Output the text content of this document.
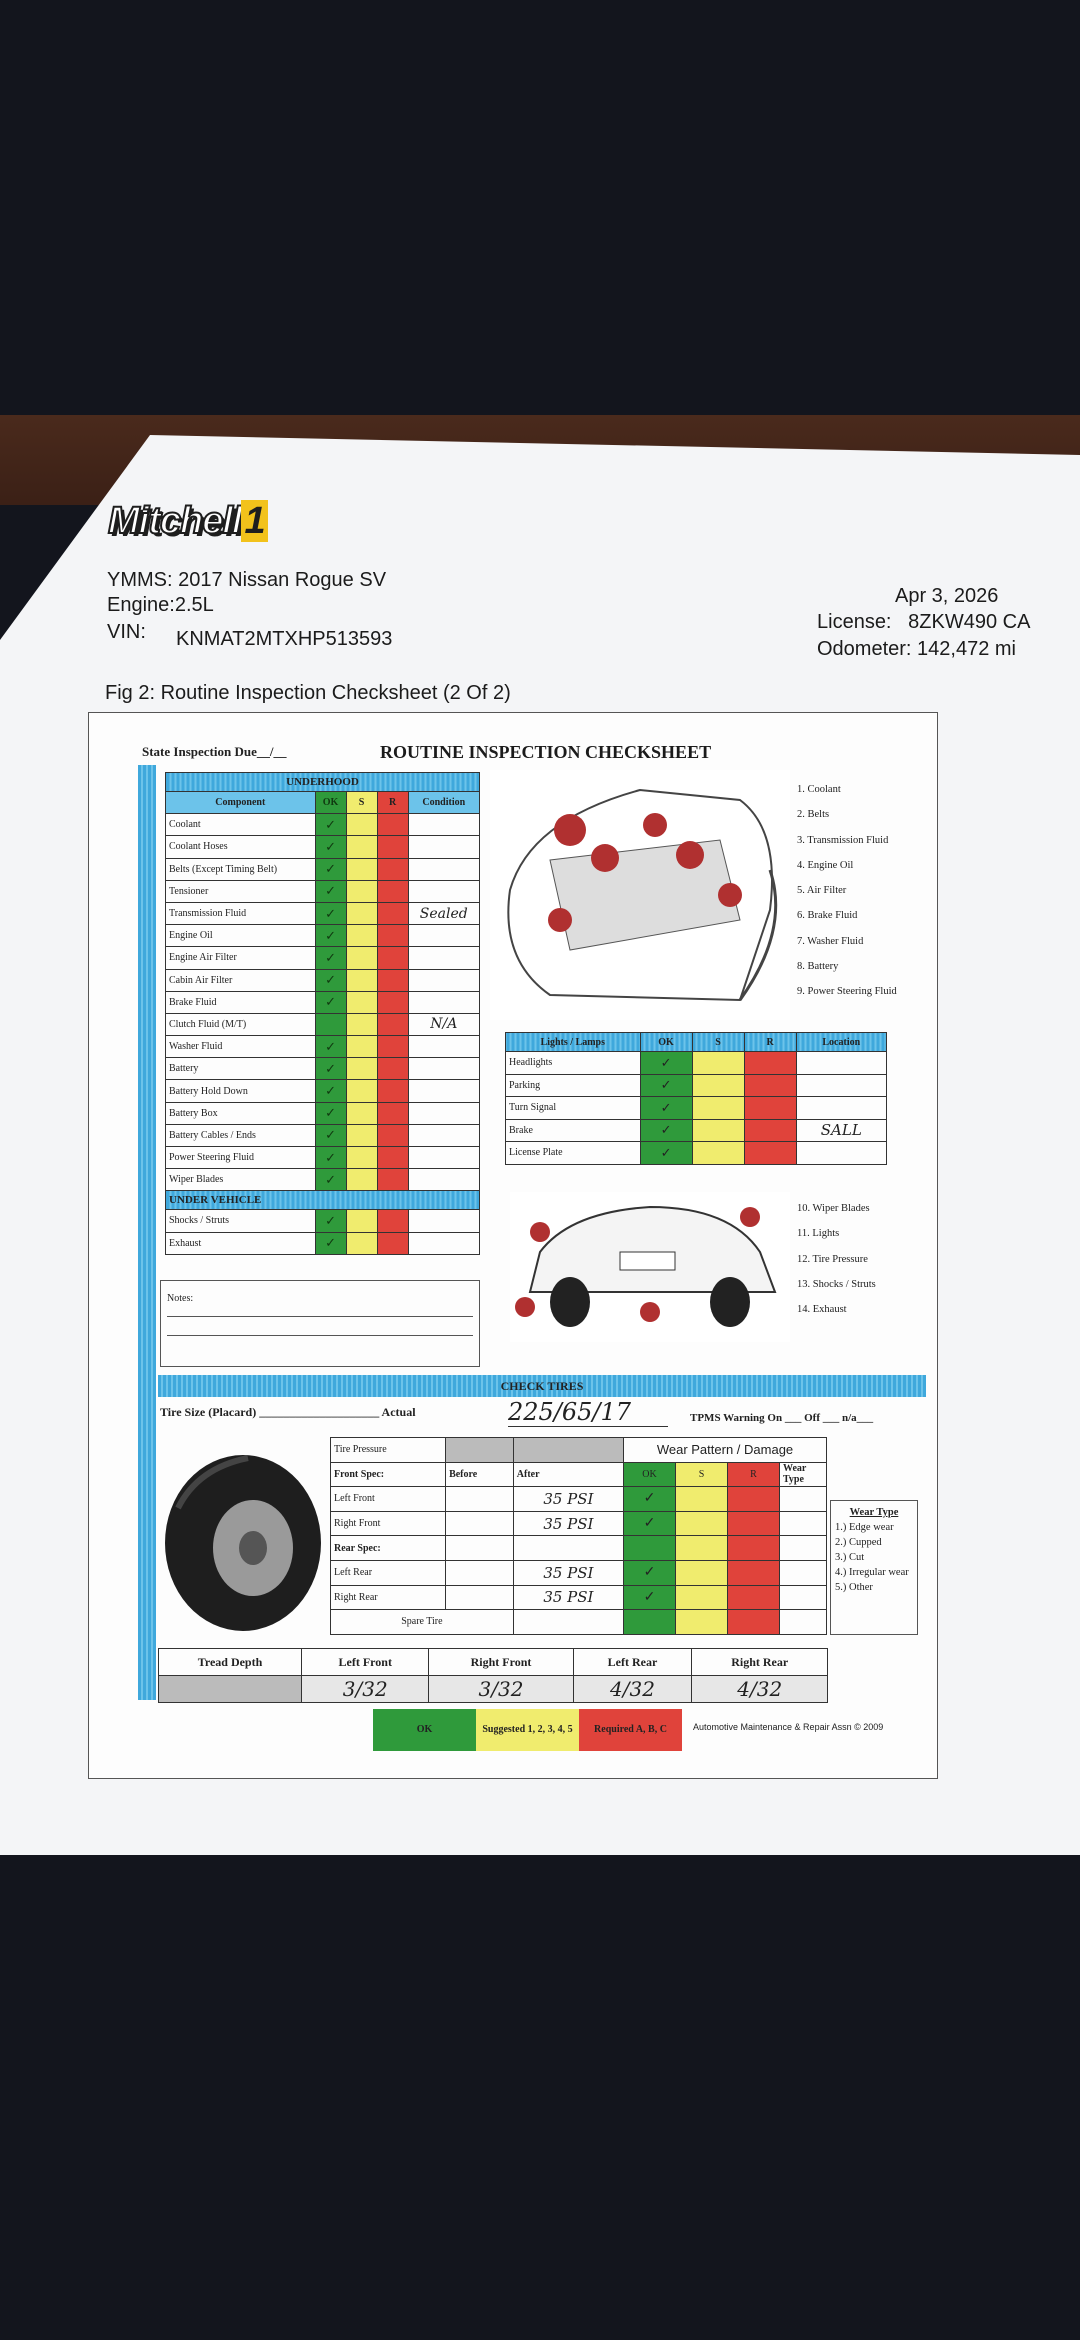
Mitchell1
YMMS: 2017 Nissan Rogue SV
Engine:2.5L
VIN: KNMAT2MTXHP513593
Apr 3, 2026
License: 8ZKW490 CA
Odometer: 142,472 mi
Fig 2: Routine Inspection Checksheet (2 Of 2)
State Inspection Due__/__	ROUTINE INSPECTION CHECKSHEET
UNDERHOOD				
Component	OK	S	R	Condition
Coolant	✓			
Coolant Hoses	✓			
Belts (Except Timing Belt)	✓			
Tensioner	✓			
Transmission Fluid	✓			Sealed
Engine Oil	✓			
Engine Air Filter	✓			
Cabin Air Filter	✓			
Brake Fluid	✓			
Clutch Fluid (M/T)				N/A
Washer Fluid	✓			
Battery	✓			
Battery Hold Down	✓			
Battery Box	✓			
Battery Cables / Ends	✓			
Power Steering Fluid	✓			
Wiper Blades	✓			
UNDER VEHICLE				
Shocks / Struts	✓			
Exhaust	✓			
1. Coolant
2. Belts
3. Transmission Fluid
4. Engine Oil
5. Air Filter
6. Brake Fluid
7. Washer Fluid
8. Battery
9. Power Steering Fluid
Lights / Lamps	OK	S	R	Location
Headlights	✓			
Parking	✓			
Turn Signal	✓			
Brake	✓			SALL
License Plate	✓			
10. Wiper Blades
11. Lights
12. Tire Pressure
13. Shocks / Struts
14. Exhaust
Notes:
CHECK TIRES
Tire Size (Placard) ____________________ Actual	225/65/17	TPMS Warning On ___ Off ___ n/a___
Tire Pressure			Wear Pattern / Damage			
Front Spec:	Before	After	OK	S	R	Wear Type
Left Front		35 PSI	✓			
Right Front		35 PSI	✓			
Rear Spec:						
Left Rear		35 PSI	✓			
Right Rear		35 PSI	✓			
Spare Tire						
Wear Type
1.) Edge wear
2.) Cupped
3.) Cut
4.) Irregular wear
5.) Other
Tread Depth	Left Front	Right Front	Left Rear	Right Rear
	3/32	3/32	4/32	4/32
OK	Suggested 1, 2, 3, 4, 5	Required A, B, C	Automotive Maintenance & Repair Assn © 2009
